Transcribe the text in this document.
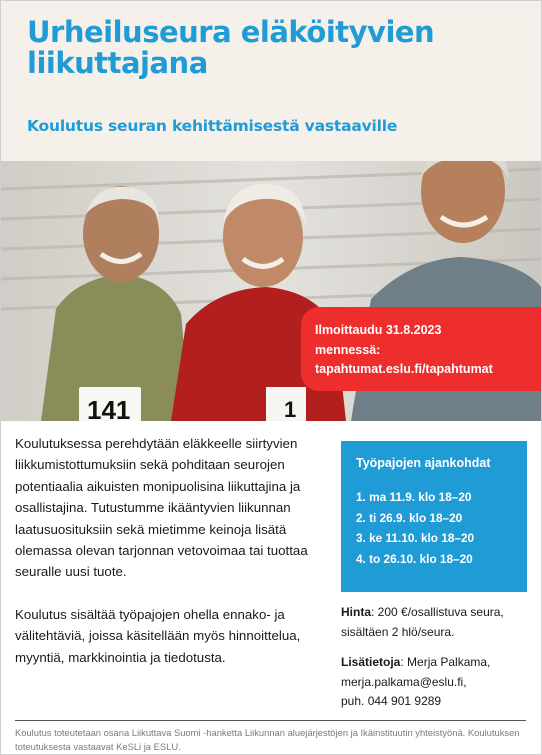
141	1
Urheiluseura eläköityvien liikuttajana
Koulutus seuran kehittämisestä vastaaville
Ilmoittaudu 31.8.2023
mennessä:
tapahtumat.eslu.fi/tapahtumat

Koulutuksessa perehdytään eläkkeelle siirtyvien liikkumistottumuksiin sekä pohditaan seurojen potentiaalia aikuisten monipuolisina liikuttajina ja osallistajina. Tutustumme ikääntyvien liikunnan laatusuosituksiin sekä mietimme keinoja lisätä olemassa olevan tarjonnan vetovoimaa tai tuottaa seuralle uusi tuote.

Koulutus sisältää työpajojen ohella ennako- ja välitehtäviä, joissa käsitellään myös hinnoittelua, myyntiä, markkinointia ja tiedotusta.

Työpajojen ajankohdat
1. ma 11.9. klo 18–20
2. ti 26.9. klo 18–20
3. ke 11.10. klo 18–20
4. to 26.10. klo 18–20
Hinta: 200 €/osallistuva seura, sisältäen 2 hlö/seura.
Lisätietoja: Merja Palkama,
merja.palkama@eslu.fi,
puh. 044 901 9289
Koulutus toteutetaan osana Liikuttava Suomi -hanketta Liikunnan aluejärjestöjen ja Ikäinstituutin yhteistyönä. Koulutuksen toteutuksesta vastaavat KeSLi ja ESLU.
